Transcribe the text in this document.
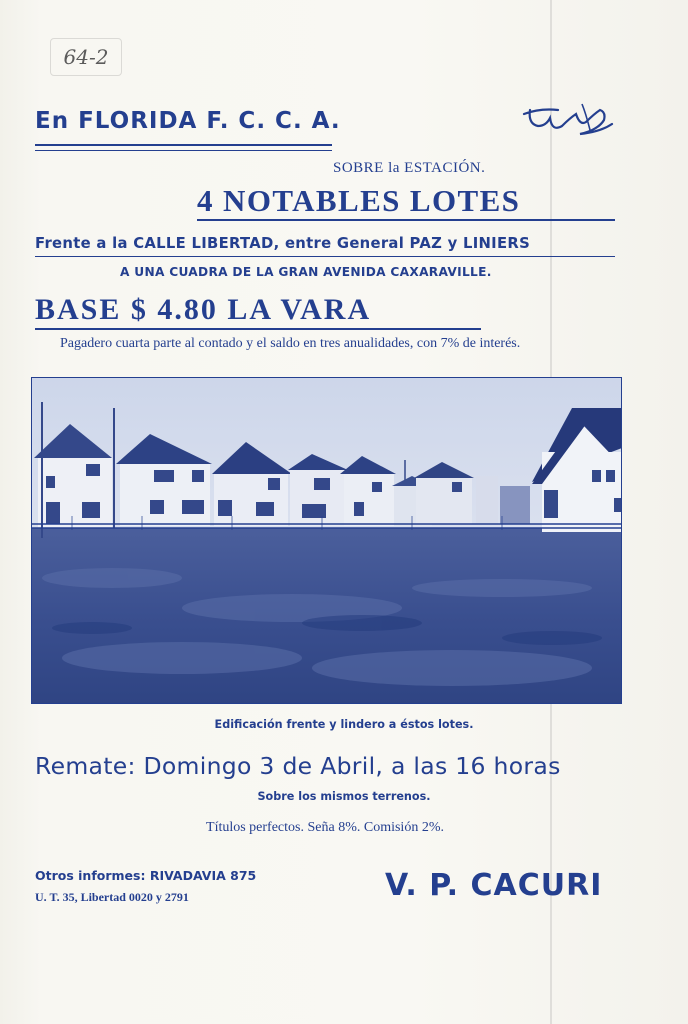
64-2
En FLORIDA F. C. C. A.
SOBRE la ESTACIÓN.
4 NOTABLES LOTES
Frente a la CALLE LIBERTAD, entre General PAZ y LINIERS
A UNA CUADRA DE LA GRAN AVENIDA CAXARAVILLE.
BASE $ 4.80 LA VARA
Pagadero cuarta parte al contado y el saldo en tres anualidades, con 7% de interés.
Edificación frente y lindero a éstos lotes.
Remate: Domingo 3 de Abril, a las 16 horas
Sobre los mismos terrenos.
Títulos perfectos. Seña 8%. Comisión 2%.
Otros informes: RIVADAVIA 875
U. T. 35, Libertad 0020 y 2791	V. P. CACURI
